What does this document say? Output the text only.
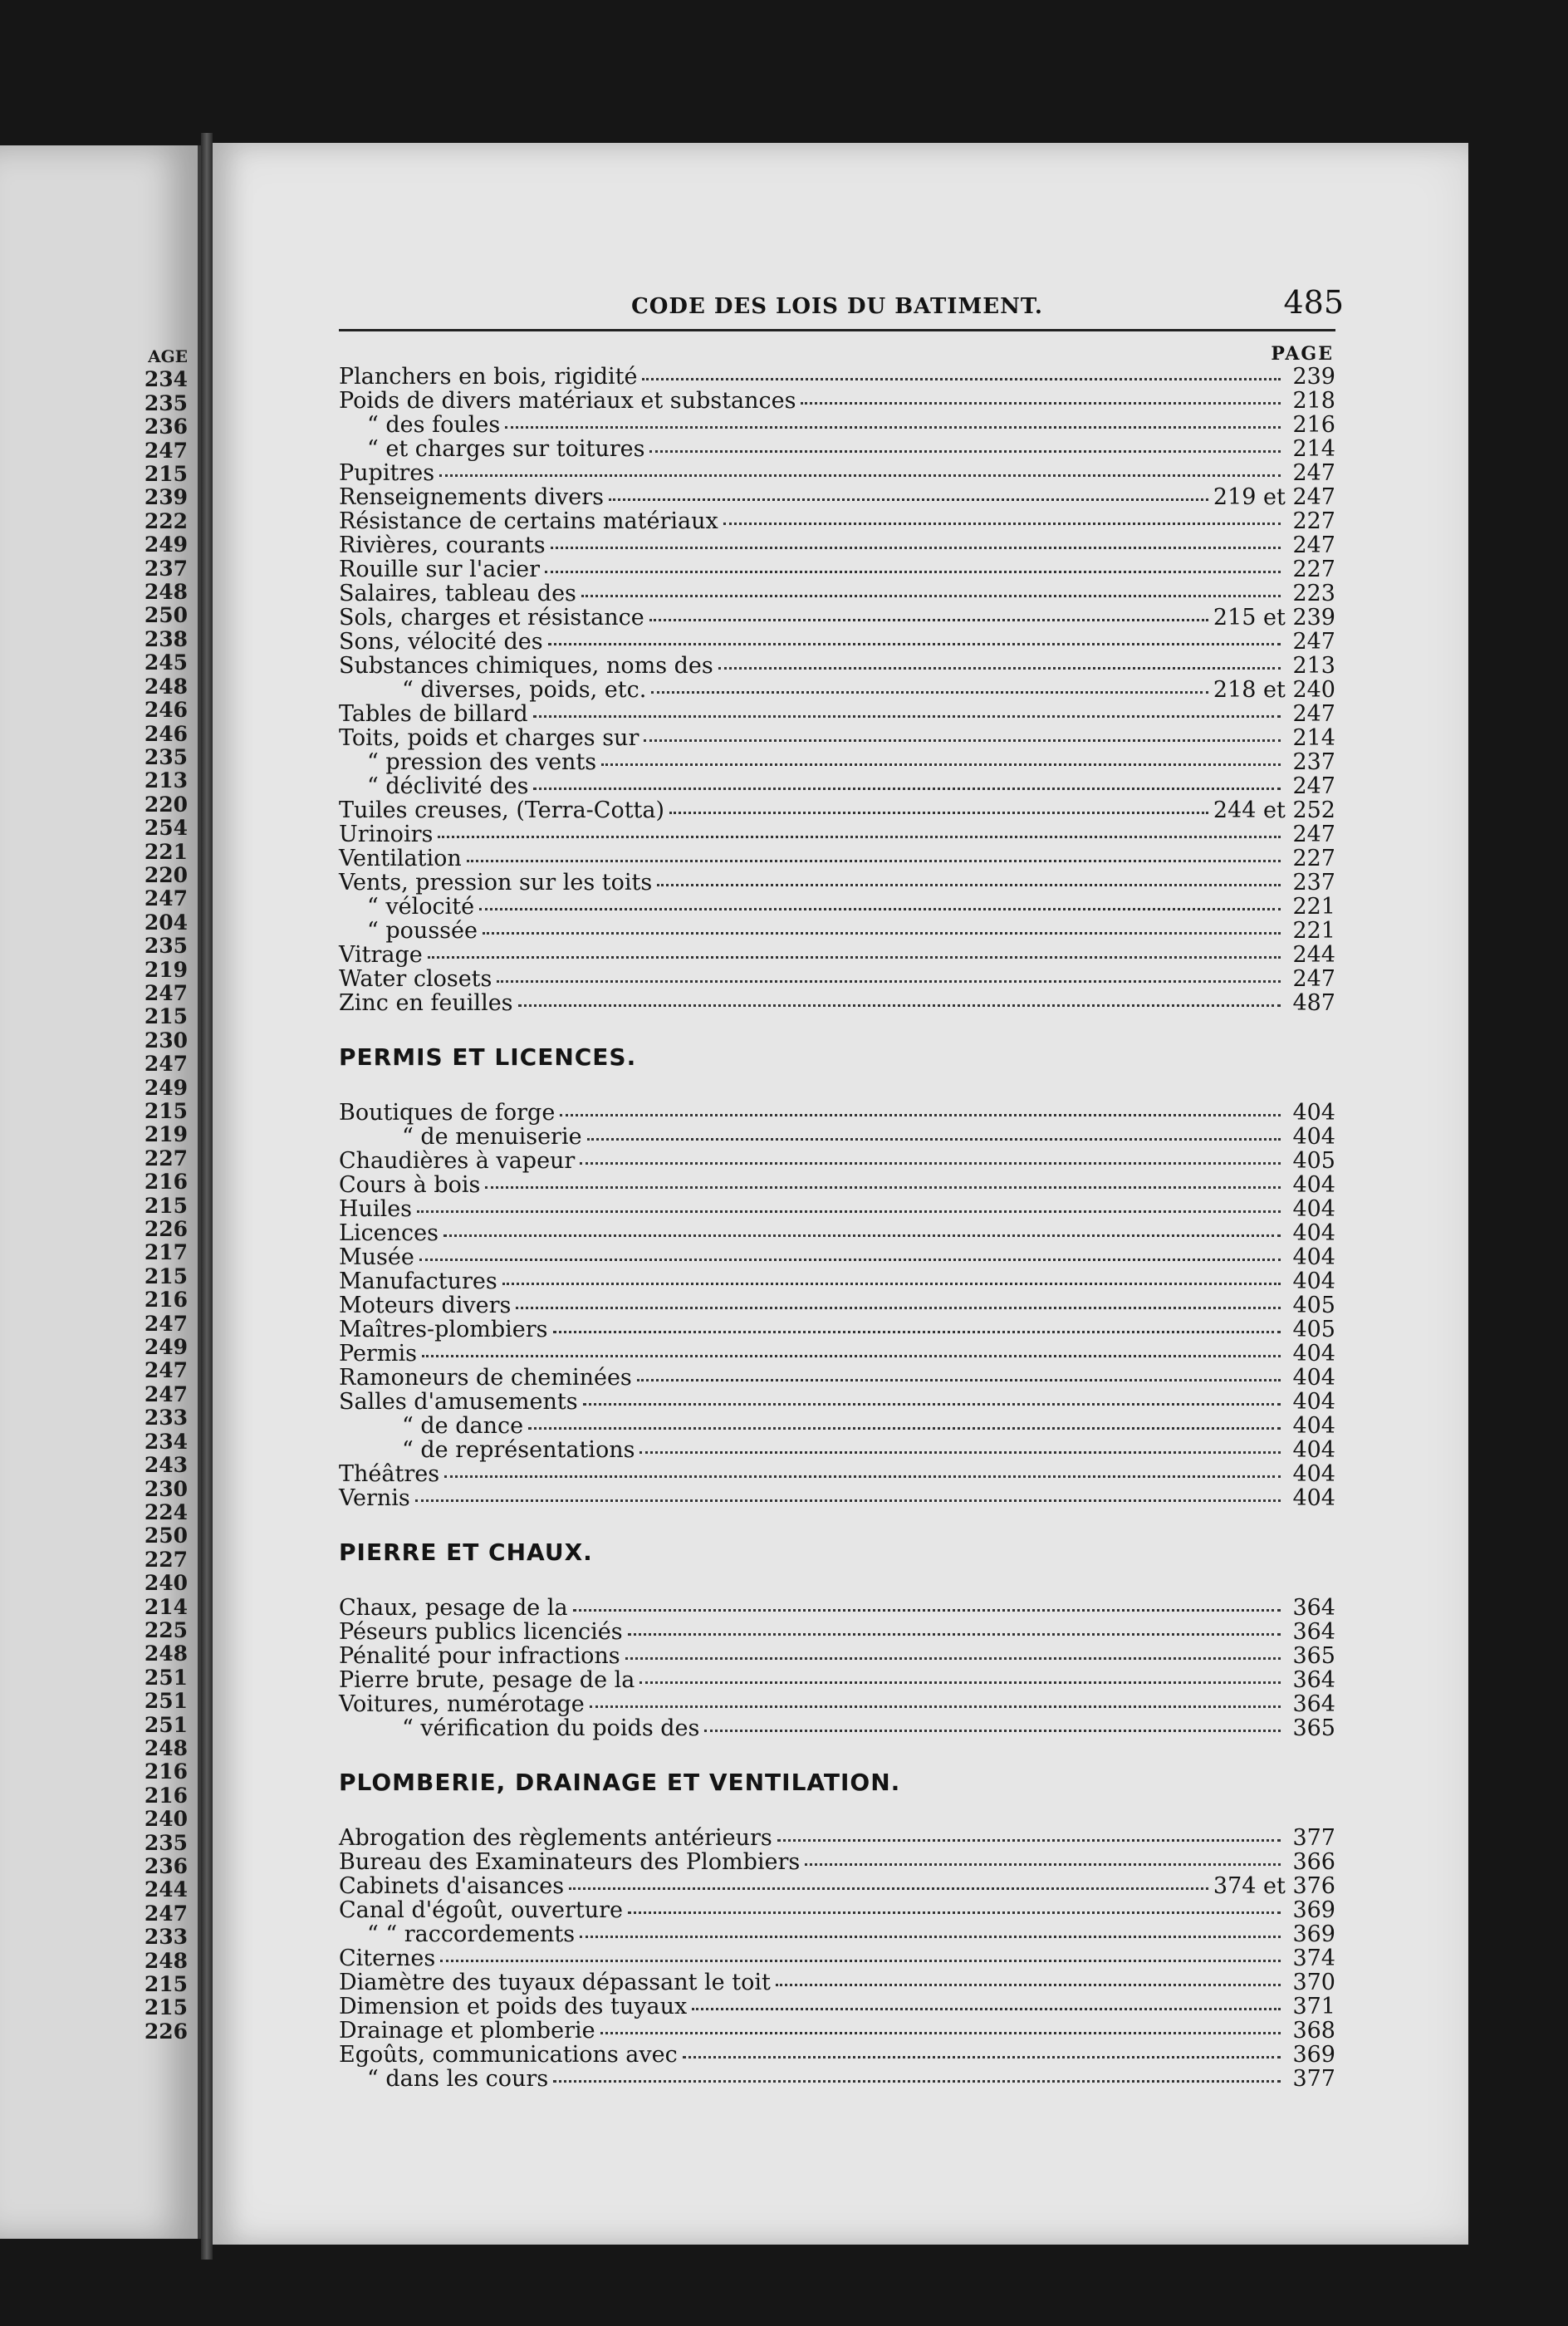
AGE
234
235
236
247
215
239
222
249
237
248
250
238
245
248
246
246
235
213
220
254
221
220
247
204
235
219
247
215
230
247
249
215
219
227
216
215
226
217
215
216
247
249
247
247
233
234
243
230
224
250
227
240
214
225
248
251
251
251
248
216
216
240
235
236
244
247
233
248
215
215
226
CODE DES LOIS DU BATIMENT.	485
PAGE
Planchers en bois, rigidité	239
Poids de divers matériaux et substances	218
“ des foules	216
“ et charges sur toitures	214
Pupitres	247
Renseignements divers	219 et 247
Résistance de certains matériaux	227
Rivières, courants	247
Rouille sur l'acier	227
Salaires, tableau des	223
Sols, charges et résistance	215 et 239
Sons, vélocité des	247
Substances chimiques, noms des	213
“ diverses, poids, etc.	218 et 240
Tables de billard	247
Toits, poids et charges sur	214
“ pression des vents	237
“ déclivité des	247
Tuiles creuses, (Terra-Cotta)	244 et 252
Urinoirs	247
Ventilation	227
Vents, pression sur les toits	237
“ vélocité	221
“ poussée	221
Vitrage	244
Water closets	247
Zinc en feuilles	487
PERMIS ET LICENCES.
Boutiques de forge	404
“ de menuiserie	404
Chaudières à vapeur	405
Cours à bois	404
Huiles	404
Licences	404
Musée	404
Manufactures	404
Moteurs divers	405
Maîtres-plombiers	405
Permis	404
Ramoneurs de cheminées	404
Salles d'amusements	404
“ de dance	404
“ de représentations	404
Théâtres	404
Vernis	404
PIERRE ET CHAUX.
Chaux, pesage de la	364
Péseurs publics licenciés	364
Pénalité pour infractions	365
Pierre brute, pesage de la	364
Voitures, numérotage	364
“ vérification du poids des	365
PLOMBERIE, DRAINAGE ET VENTILATION.
Abrogation des règlements antérieurs	377
Bureau des Examinateurs des Plombiers	366
Cabinets d'aisances	374 et 376
Canal d'égoût, ouverture	369
“ “ raccordements	369
Citernes	374
Diamètre des tuyaux dépassant le toit	370
Dimension et poids des tuyaux	371
Drainage et plomberie	368
Egoûts, communications avec	369
“ dans les cours	377
